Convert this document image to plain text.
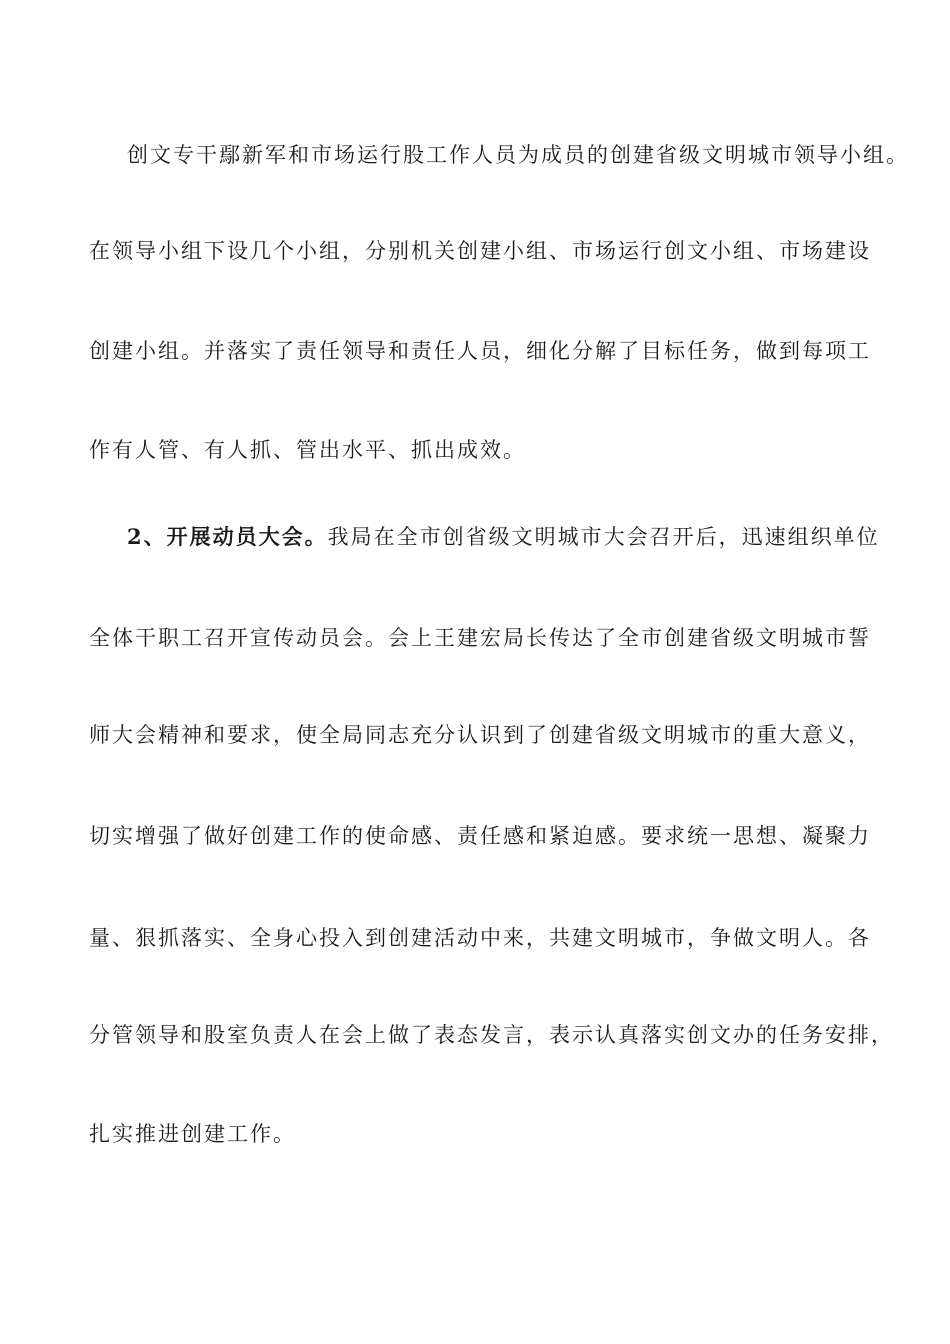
创文专干鄢新军和市场运行股工作人员为成员的创建省级文明城市领导小组。
在领导小组下设几个小组，分别机关创建小组、市场运行创文小组、市场建设
创建小组。并落实了责任领导和责任人员，细化分解了目标任务，做到每项工
作有人管、有人抓、管出水平、抓出成效。
2、开展动员大会。我局在全市创省级文明城市大会召开后，迅速组织单位
全体干职工召开宣传动员会。会上王建宏局长传达了全市创建省级文明城市誓
师大会精神和要求，使全局同志充分认识到了创建省级文明城市的重大意义，
切实增强了做好创建工作的使命感、责任感和紧迫感。要求统一思想、凝聚力
量、狠抓落实、全身心投入到创建活动中来，共建文明城市，争做文明人。各
分管领导和股室负责人在会上做了表态发言，表示认真落实创文办的任务安排，
扎实推进创建工作。
